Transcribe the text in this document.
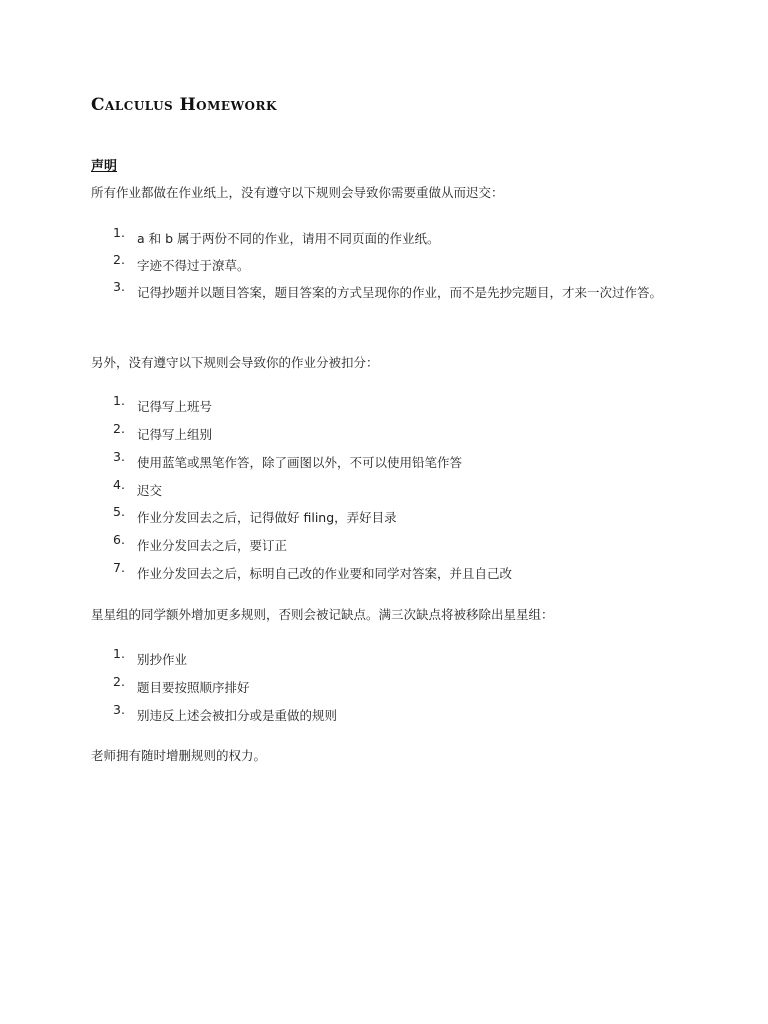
Calculus Homework
声明
所有作业都做在作业纸上，没有遵守以下规则会导致你需要重做从而迟交：
1. a 和 b 属于两份不同的作业，请用不同页面的作业纸。
2. 字迹不得过于潦草。
3. 记得抄题并以题目答案，题目答案的方式呈现你的作业，而不是先抄完题目，才来一次过作答。
另外，没有遵守以下规则会导致你的作业分被扣分：
1. 记得写上班号
2. 记得写上组别
3. 使用蓝笔或黑笔作答，除了画图以外，不可以使用铅笔作答
4. 迟交
5. 作业分发回去之后，记得做好 filing，弄好目录
6. 作业分发回去之后，要订正
7. 作业分发回去之后，标明自己改的作业要和同学对答案，并且自己改
星星组的同学额外增加更多规则，否则会被记缺点。满三次缺点将被移除出星星组：
1. 别抄作业
2. 题目要按照顺序排好
3. 别违反上述会被扣分或是重做的规则
老师拥有随时增删规则的权力。
